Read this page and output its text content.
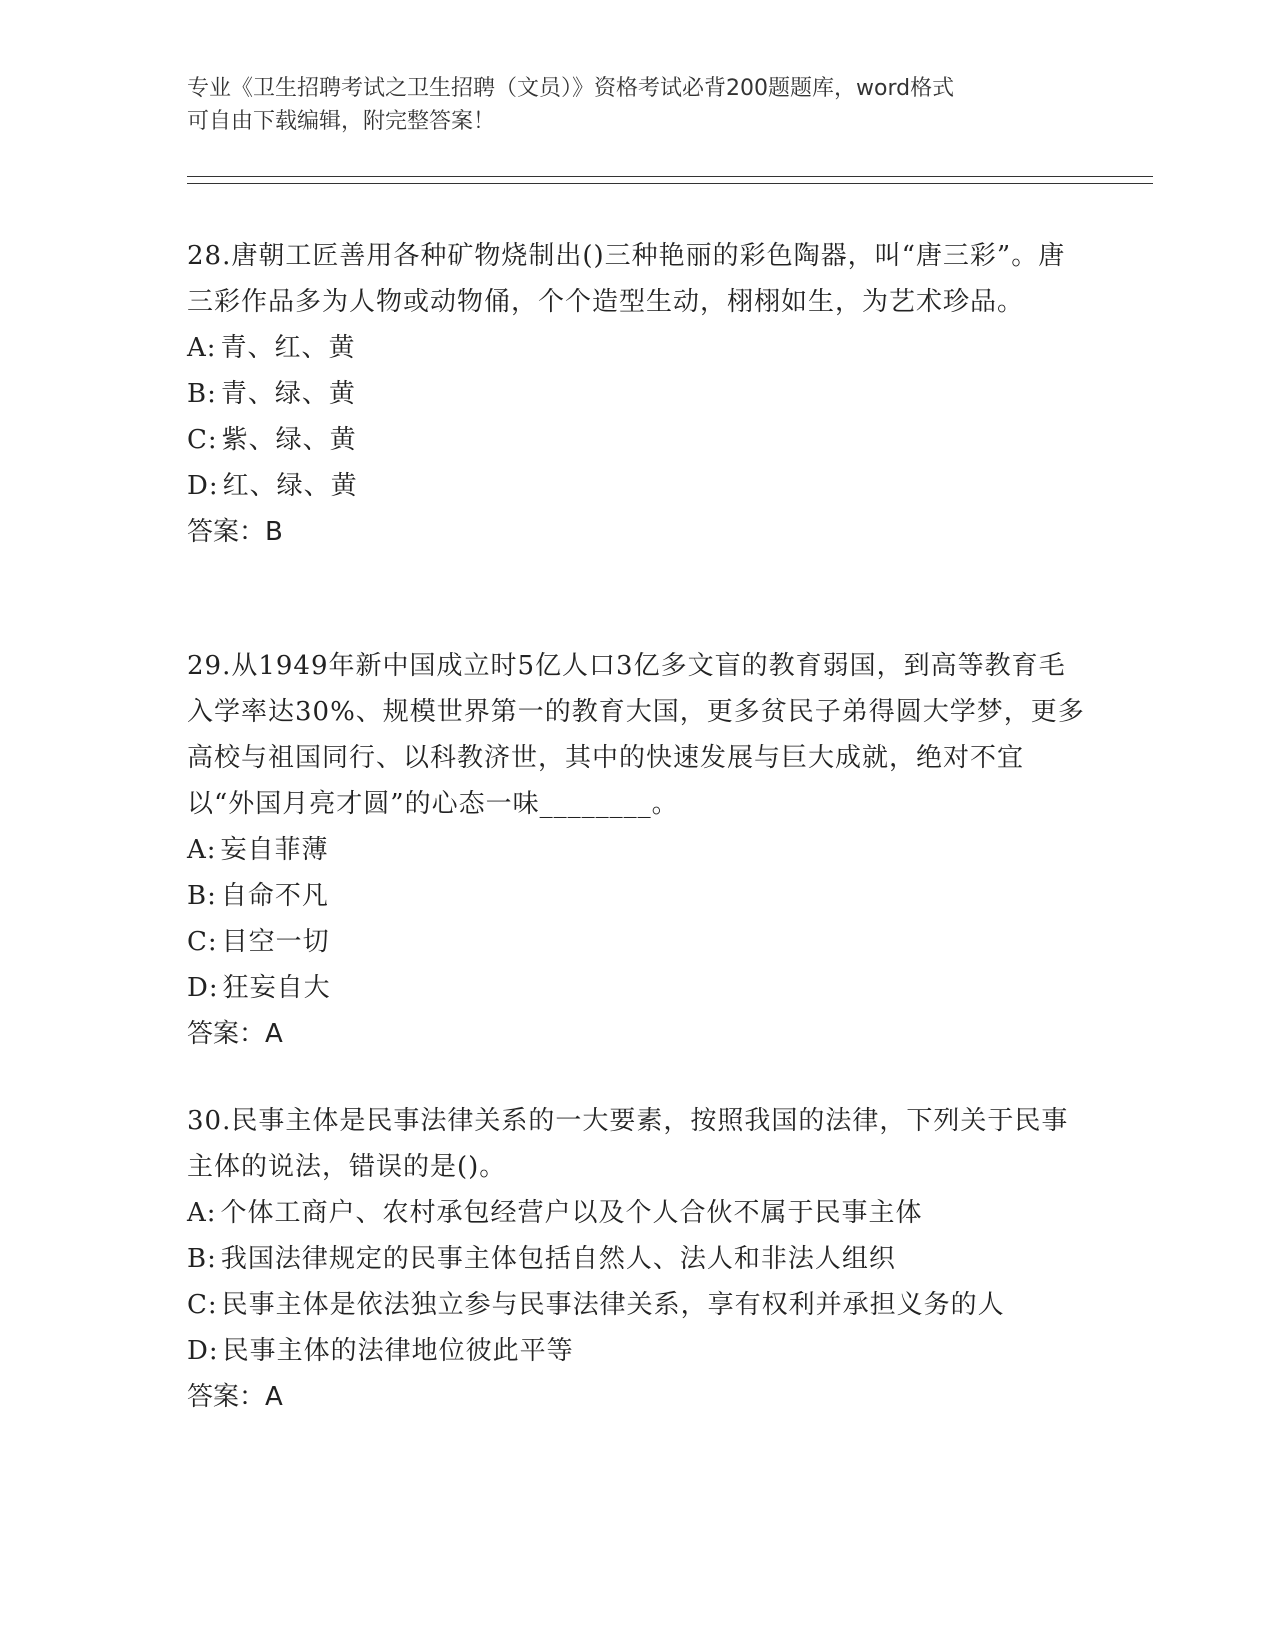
专业《卫生招聘考试之卫生招聘（文员）》资格考试必背200题题库，word格式
可自由下载编辑，附完整答案！

28.唐朝工匠善用各种矿物烧制出()三种艳丽的彩色陶器，叫“唐三彩”。唐三彩作品多为人物或动物俑，个个造型生动，栩栩如生，为艺术珍品。

A: 青、红、黄

B: 青、绿、黄

C: 紫、绿、黄

D: 红、绿、黄

答案：B

29.从1949年新中国成立时5亿人口3亿多文盲的教育弱国，到高等教育毛入学率达30%、规模世界第一的教育大国，更多贫民子弟得圆大学梦，更多高校与祖国同行、以科教济世，其中的快速发展与巨大成就，绝对不宜以“外国月亮才圆”的心态一味________。

A: 妄自菲薄

B: 自命不凡

C: 目空一切

D: 狂妄自大

答案：A

30.民事主体是民事法律关系的一大要素，按照我国的法律，下列关于民事主体的说法，错误的是()。

A: 个体工商户、农村承包经营户以及个人合伙不属于民事主体

B: 我国法律规定的民事主体包括自然人、法人和非法人组织

C: 民事主体是依法独立参与民事法律关系，享有权利并承担义务的人

D: 民事主体的法律地位彼此平等

答案：A
